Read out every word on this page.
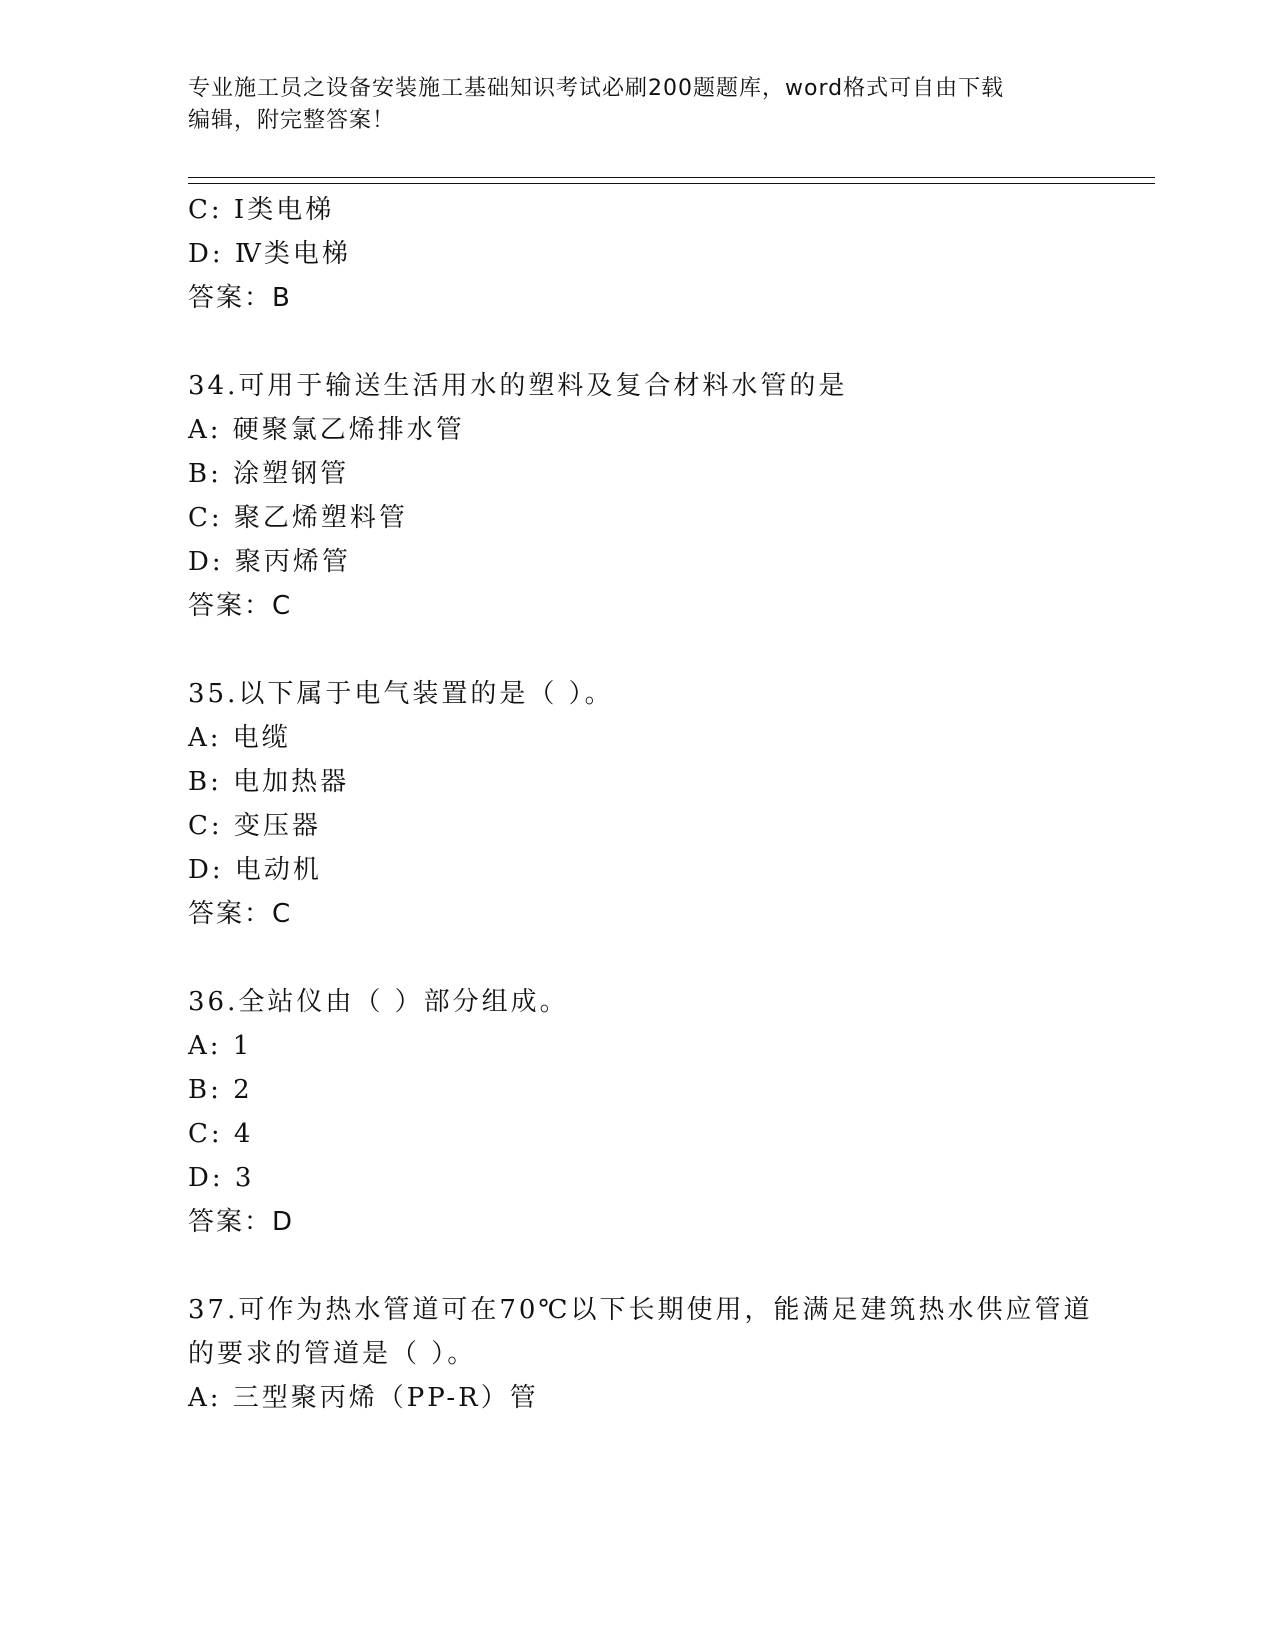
专业施工员之设备安装施工基础知识考试必刷200题题库，word格式可自由下载
编辑，附完整答案！
C: Ⅰ类电梯
D: Ⅳ类电梯
答案：B
34.可用于输送生活用水的塑料及复合材料水管的是
A: 硬聚氯乙烯排水管
B: 涂塑钢管
C: 聚乙烯塑料管
D: 聚丙烯管
答案：C
35.以下属于电气装置的是（ ）。
A: 电缆
B: 电加热器
C: 变压器
D: 电动机
答案：C
36.全站仪由（ ）部分组成。
A: 1
B: 2
C: 4
D: 3
答案：D
37.可作为热水管道可在70℃以下长期使用，能满足建筑热水供应管道
的要求的管道是（ ）。
A: 三型聚丙烯（PP-R）管
